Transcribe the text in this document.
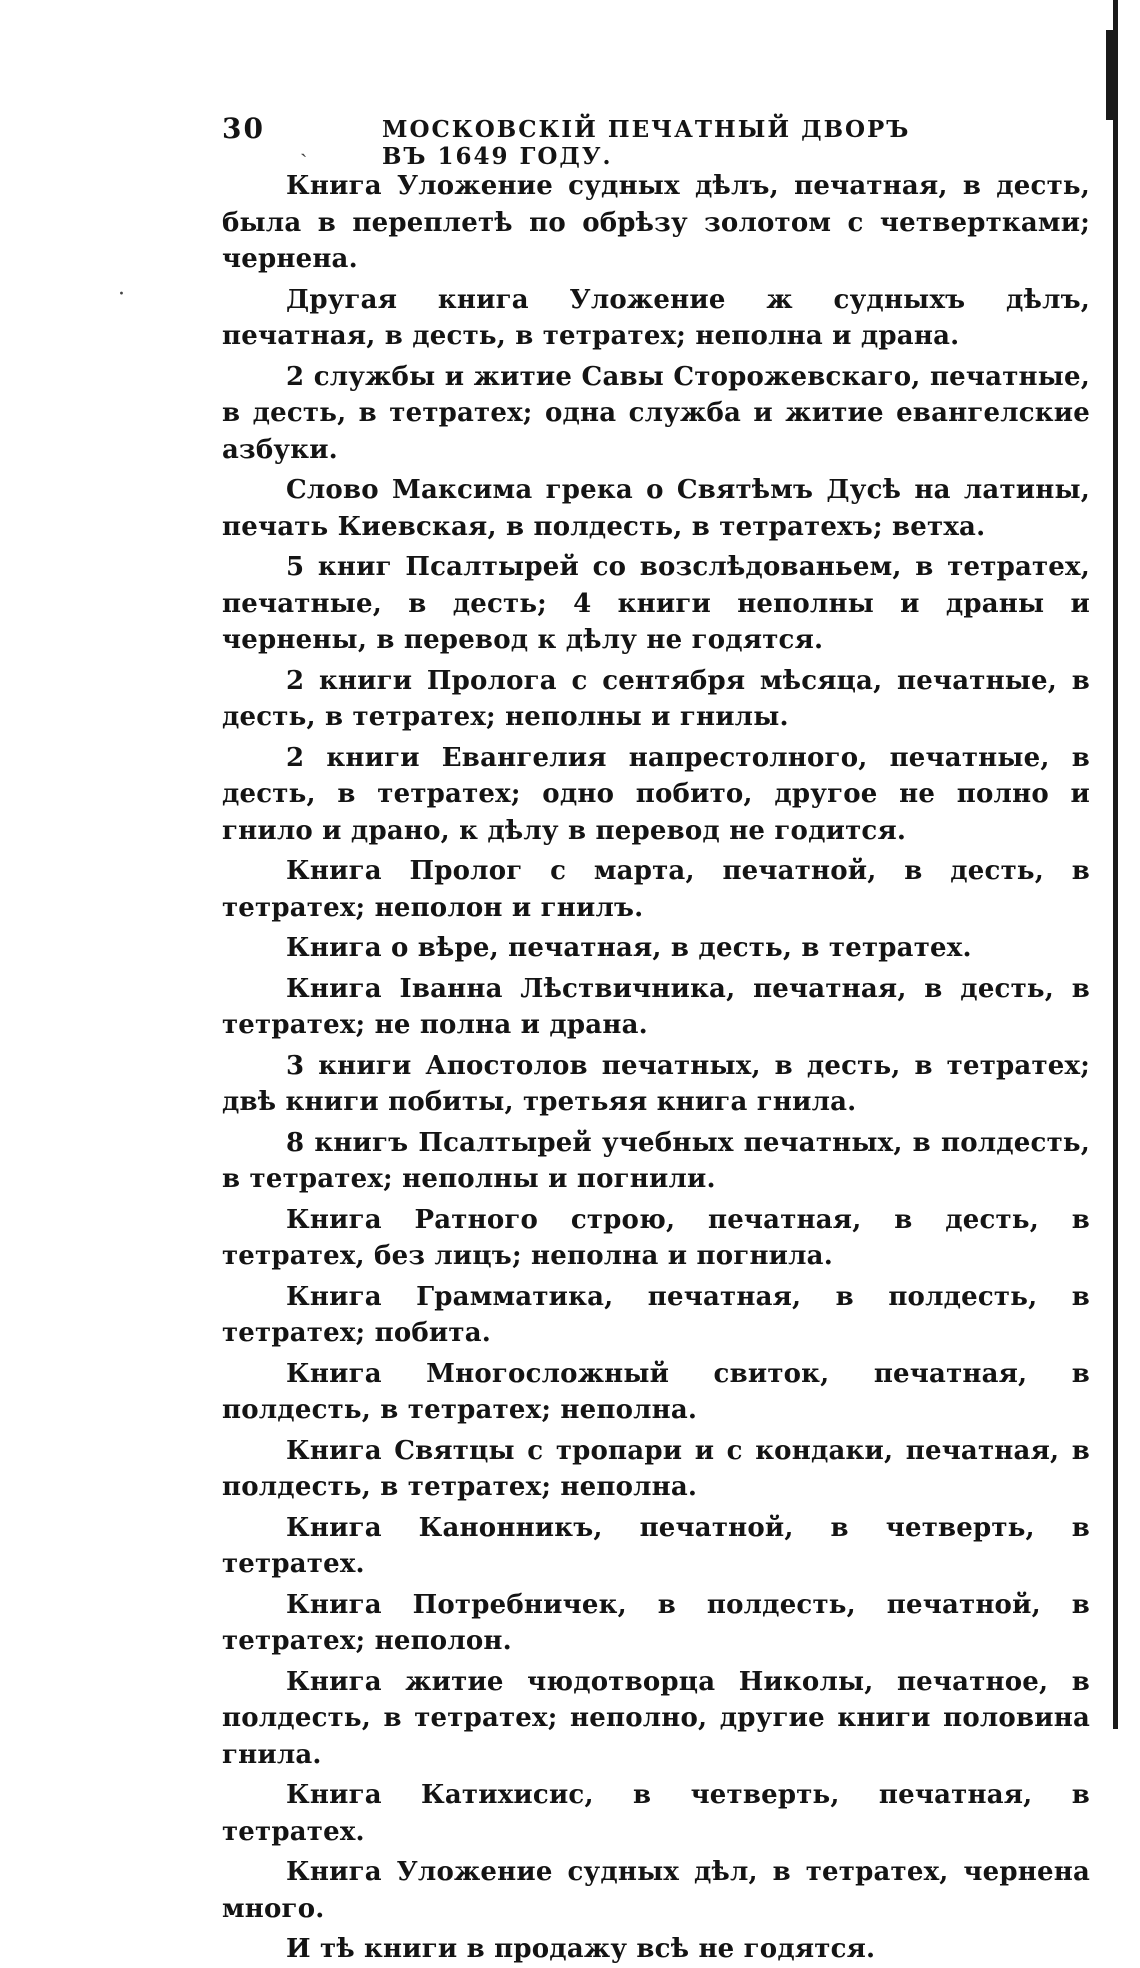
ˏ
·
30	МОСКОВСКІЙ ПЕЧАТНЫЙ ДВОРЪ ВЪ 1649 ГОДУ.

Книга Уложение судных дѣлъ, печатная, в десть, была в переплетѣ по обрѣзу золотом с четвертками; чернена.

Другая книга Уложение ж судныхъ дѣлъ, печатная, в десть, в тетратех; неполна и драна.

2 службы и житие Савы Сторожевскаго, печатные, в десть, в тетратех; одна служба и житие евангелские азбуки.

Слово Максима грека о Святѣмъ Дусѣ на латины, печать Киевская, в полдесть, в тетратехъ; ветха.

5 книг Псалтырей со возслѣдованьем, в тетратех, печатные, в десть; 4 книги неполны и драны и чернены, в перевод к дѣлу не годятся.

2 книги Пролога с сентября мѣсяца, печатные, в десть, в тетратех; неполны и гнилы.

2 книги Евангелия напрестолного, печатные, в десть, в тетратех; одно побито, другое не полно и гнило и драно, к дѣлу в перевод не годится.

Книга Пролог с марта, печатной, в десть, в тетратех; неполон и гнилъ.

Книга о вѣре, печатная, в десть, в тетратех.

Книга Іванна Лѣствичника, печатная, в десть, в тетратех; не полна и драна.

3 книги Апостолов печатных, в десть, в тетратех; двѣ книги побиты, третьяя книга гнила.

8 книгъ Псалтырей учебных печатных, в полдесть, в тетратех; неполны и погнили.

Книга Ратного строю, печатная, в десть, в тетратех, без лицъ; неполна и погнила.

Книга Грамматика, печатная, в полдесть, в тетратех; побита.

Книга Многосложный свиток, печатная, в полдесть, в тетратех; неполна.

Книга Святцы с тропари и с кондаки, печатная, в полдесть, в тетратех; неполна.

Книга Канонникъ, печатной, в четверть, в тетратех.

Книга Потребничек, в полдесть, печатной, в тетратех; неполон.

Книга житие чюдотворца Николы, печатное, в полдесть, в тетратех; неполно, другие книги половина гнила.

Книга Катихисис, в четверть, печатная, в тетратех.

Книга Уложение судных дѣл, в тетратех, чернена много.

И тѣ книги в продажу всѣ не годятся.
